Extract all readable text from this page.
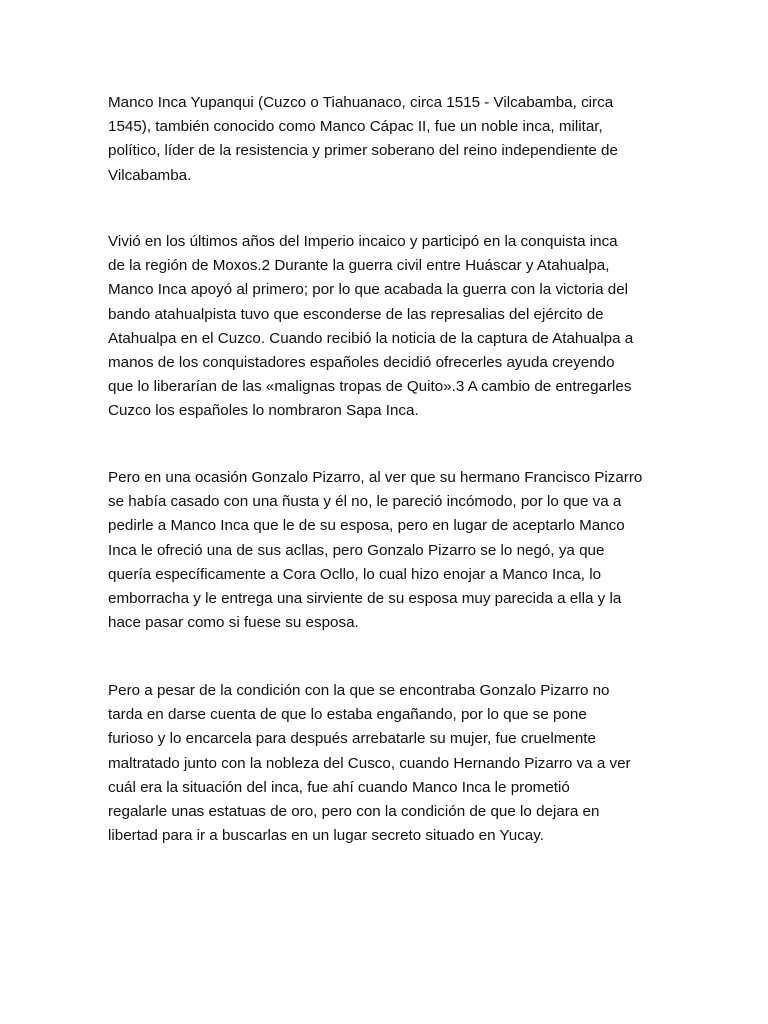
Manco Inca Yupanqui (Cuzco o Tiahuanaco, circa 1515 - Vilcabamba, circa
1545), también conocido como Manco Cápac II, fue un noble inca, militar,
político, líder de la resistencia y primer soberano del reino independiente de
Vilcabamba.

Vivió en los últimos años del Imperio incaico y participó en la conquista inca
de la región de Moxos.2 Durante la guerra civil entre Huáscar y Atahualpa,
Manco Inca apoyó al primero; por lo que acabada la guerra con la victoria del
bando atahualpista tuvo que esconderse de las represalias del ejército de
Atahualpa en el Cuzco. Cuando recibió la noticia de la captura de Atahualpa a
manos de los conquistadores españoles decidió ofrecerles ayuda creyendo
que lo liberarían de las «malignas tropas de Quito».3 A cambio de entregarles
Cuzco los españoles lo nombraron Sapa Inca.

Pero en una ocasión Gonzalo Pizarro, al ver que su hermano Francisco Pizarro
se había casado con una ñusta y él no, le pareció incómodo, por lo que va a
pedirle a Manco Inca que le de su esposa, pero en lugar de aceptarlo Manco
Inca le ofreció una de sus acllas, pero Gonzalo Pizarro se lo negó, ya que
quería específicamente a Cora Ocllo, lo cual hizo enojar a Manco Inca, lo
emborracha y le entrega una sirviente de su esposa muy parecida a ella y la
hace pasar como si fuese su esposa.

Pero a pesar de la condición con la que se encontraba Gonzalo Pizarro no
tarda en darse cuenta de que lo estaba engañando, por lo que se pone
furioso y lo encarcela para después arrebatarle su mujer, fue cruelmente
maltratado junto con la nobleza del Cusco, cuando Hernando Pizarro va a ver
cuál era la situación del inca, fue ahí cuando Manco Inca le prometió
regalarle unas estatuas de oro, pero con la condición de que lo dejara en
libertad para ir a buscarlas en un lugar secreto situado en Yucay.
